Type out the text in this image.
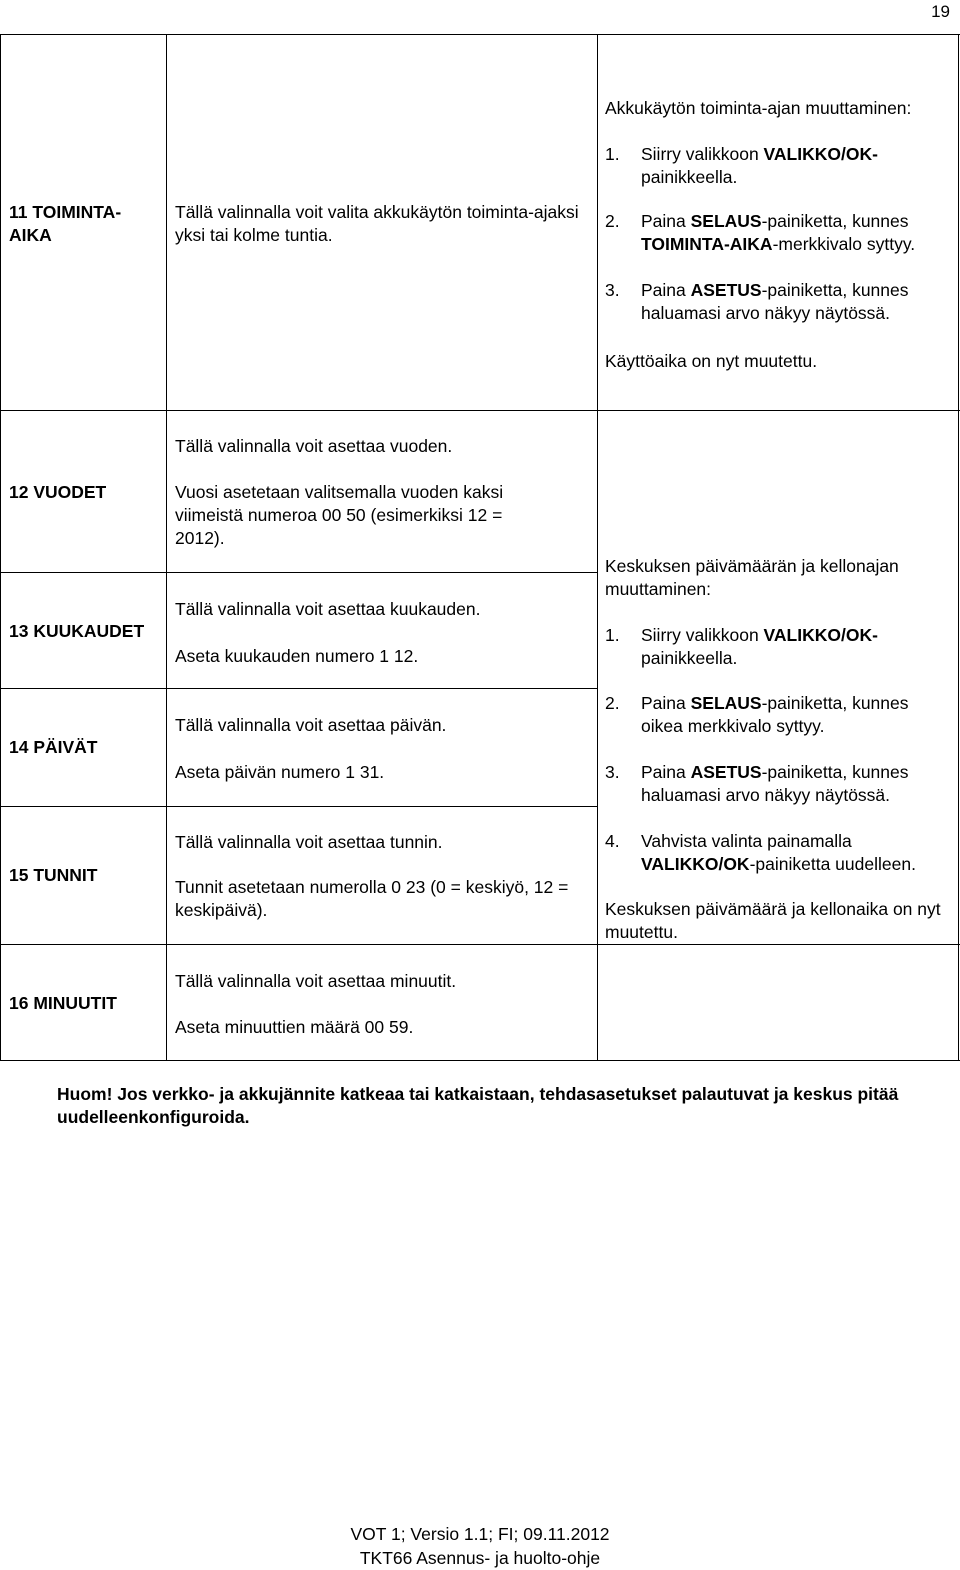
19
11 TOIMINTA-AIKA
Tällä valinnalla voit valita akkukäytön toiminta-ajaksi yksi tai kolme tuntia.
Akkukäytön toiminta-ajan muuttaminen:
1. Siirry valikkoon VALIKKO/OK-
painikkeella.
2. Paina SELAUS-painiketta, kunnes
TOIMINTA-AIKA-merkkivalo syttyy.
3. Paina ASETUS-painiketta, kunnes
haluamasi arvo näkyy näytössä.
Käyttöaika on nyt muutettu.
12 VUODET
Tällä valinnalla voit asettaa vuoden.
Vuosi asetetaan valitsemalla vuoden kaksi viimeistä numeroa 00 50 (esimerkiksi 12 = 2012).
13 KUUKAUDET
Tällä valinnalla voit asettaa kuukauden.
Aseta kuukauden numero 1 12.
14 PÄIVÄT
Tällä valinnalla voit asettaa päivän.
Aseta päivän numero 1 31.
15 TUNNIT
Tällä valinnalla voit asettaa tunnin.
Tunnit asetetaan numerolla 0 23 (0 = keskiyö, 12 = keskipäivä).
16 MINUUTIT
Tällä valinnalla voit asettaa minuutit.
Aseta minuuttien määrä 00 59.
Keskuksen päivämäärän ja kellonajan muuttaminen:
1. Siirry valikkoon VALIKKO/OK-
painikkeella.
2. Paina SELAUS-painiketta, kunnes
oikea merkkivalo syttyy.
3. Paina ASETUS-painiketta, kunnes
haluamasi arvo näkyy näytössä.
4. Vahvista valinta painamalla
VALIKKO/OK-painiketta uudelleen.
Keskuksen päivämäärä ja kellonaika on nyt muutettu.
Huom! Jos verkko- ja akkujännite katkeaa tai katkaistaan, tehdasasetukset palautuvat ja keskus pitää uudelleenkonfiguroida.
VOT 1; Versio 1.1; FI; 09.11.2012
TKT66 Asennus- ja huolto-ohje
